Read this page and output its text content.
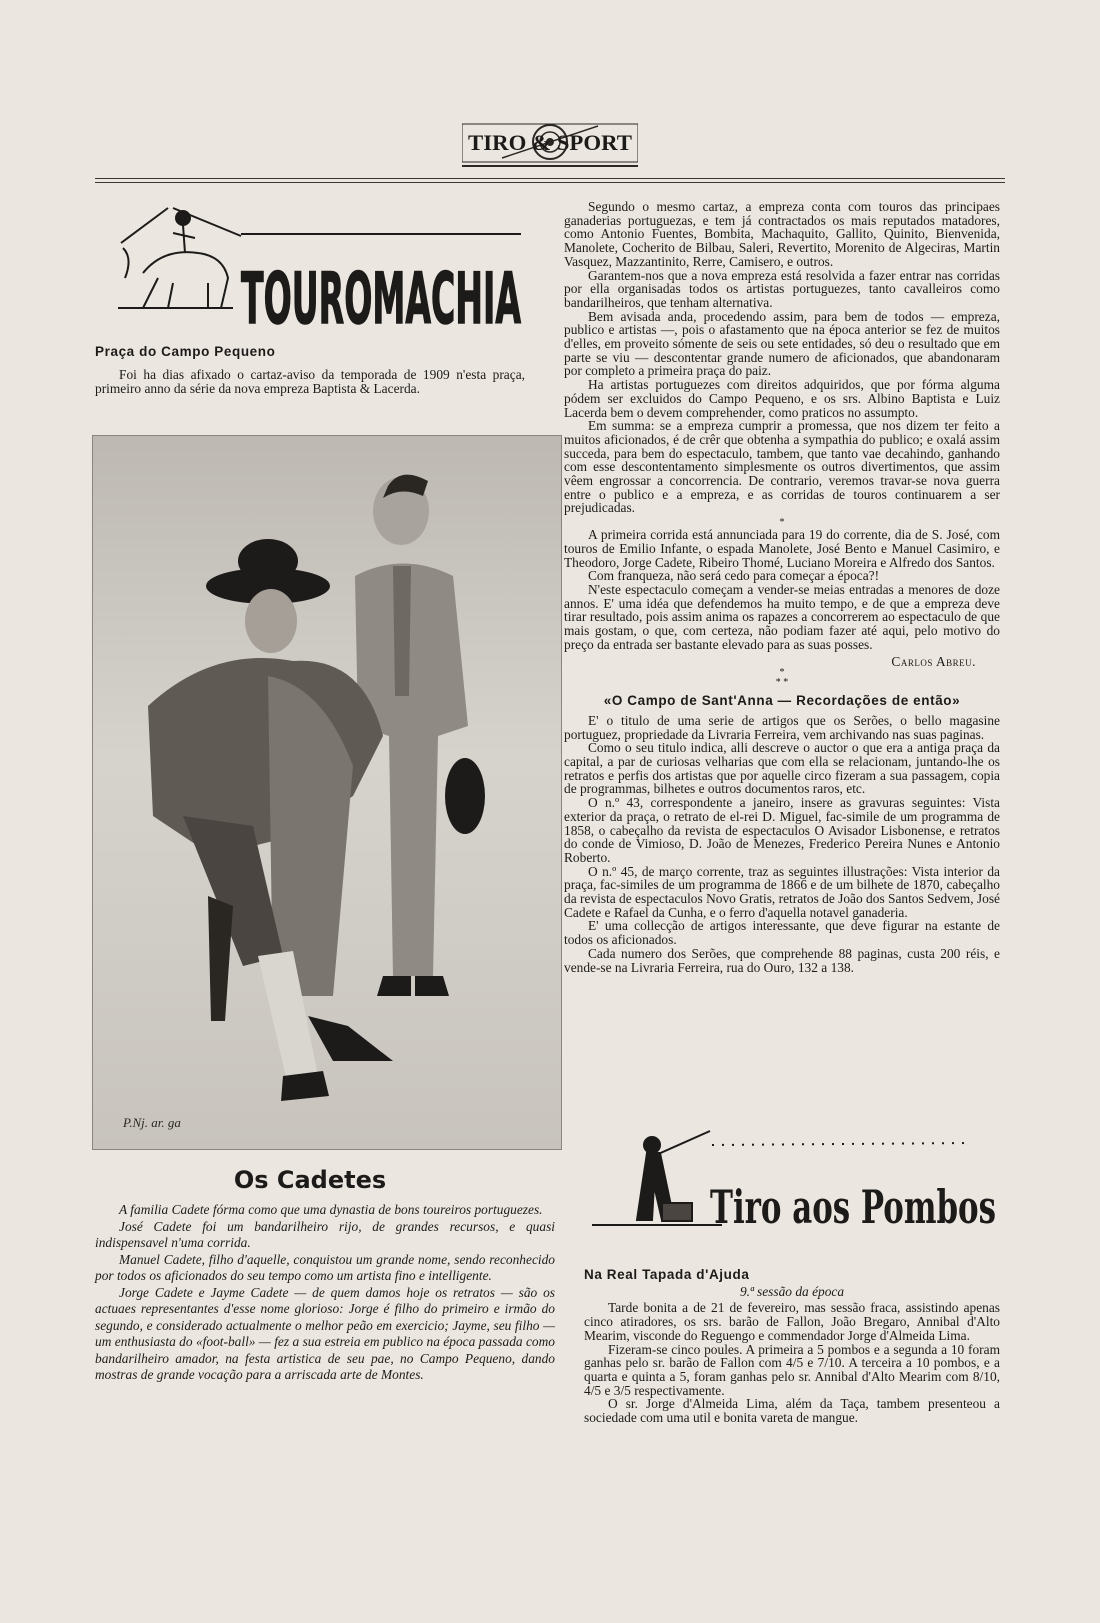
TIRO & SPORT
TOUROMACHIA
Praça do Campo Pequeno

Foi ha dias afixado o cartaz-aviso da temporada de 1909 n'esta praça, primeiro anno da série da nova empreza Baptista & Lacerda.

P.Nj. ar. ga
Os Cadetes

A familia Cadete fórma como que uma dynastia de bons toureiros portuguezes.

José Cadete foi um bandarilheiro rijo, de grandes recursos, e quasi indispensavel n'uma corrida.

Manuel Cadete, filho d'aquelle, conquistou um grande nome, sendo reconhecido por todos os aficionados do seu tempo como um artista fino e intelligente.

Jorge Cadete e Jayme Cadete — de quem damos hoje os retratos — são os actuaes representantes d'esse nome glorioso: Jorge é filho do primeiro e irmão do segundo, e considerado actualmente o melhor peão em exercicio; Jayme, seu filho — um enthusiasta do «foot-ball» — fez a sua estreia em publico na época passada como bandarilheiro amador, na festa artistica de seu pae, no Campo Pequeno, dando mostras de grande vocação para a arriscada arte de Montes.

Segundo o mesmo cartaz, a empreza conta com touros das principaes ganaderias portuguezas, e tem já contractados os mais reputados matadores, como Antonio Fuentes, Bombita, Machaquito, Gallito, Quinito, Bienvenida, Manolete, Cocherito de Bilbau, Saleri, Revertito, Morenito de Algeciras, Martin Vasquez, Mazzantinito, Rerre, Camisero, e outros.

Garantem-nos que a nova empreza está resolvida a fazer entrar nas corridas por ella organisadas todos os artistas portuguezes, tanto cavalleiros como bandarilheiros, que tenham alternativa.

Bem avisada anda, procedendo assim, para bem de todos — empreza, publico e artistas —, pois o afastamento que na época anterior se fez de muitos d'elles, em proveito sómente de seis ou sete entidades, só deu o resultado que em parte se viu — descontentar grande numero de aficionados, que abandonaram por completo a primeira praça do paiz.

Ha artistas portuguezes com direitos adquiridos, que por fórma alguma pódem ser excluidos do Campo Pequeno, e os srs. Albino Baptista e Luiz Lacerda bem o devem comprehender, como praticos no assumpto.

Em summa: se a empreza cumprir a promessa, que nos dizem ter feito a muitos aficionados, é de crêr que obtenha a sympathia do publico; e oxalá assim succeda, para bem do espectaculo, tambem, que tanto vae decahindo, ganhando com esse descontentamento simplesmente os outros divertimentos, que assim vêem engrossar a concorrencia. De contrario, veremos travar-se nova guerra entre o publico e a empreza, e as corridas de touros continuarem a ser prejudicadas.

*

A primeira corrida está annunciada para 19 do corrente, dia de S. José, com touros de Emilio Infante, o espada Manolete, José Bento e Manuel Casimiro, e Theodoro, Jorge Cadete, Ribeiro Thomé, Luciano Moreira e Alfredo dos Santos.

Com franqueza, não será cedo para começar a época?!

N'este espectaculo começam a vender-se meias entradas a menores de doze annos. E' uma idéa que defendemos ha muito tempo, e de que a empreza deve tirar resultado, pois assim anima os rapazes a concorrerem ao espectaculo de que mais gostam, o que, com certeza, não podiam fazer até aqui, pelo motivo do preço da entrada ser bastante elevado para as suas posses.

Carlos Abreu.
*
* *
«O Campo de Sant'Anna — Recordações de então»

E' o titulo de uma serie de artigos que os Serões, o bello magasine portuguez, propriedade da Livraria Ferreira, vem archivando nas suas paginas.

Como o seu titulo indica, alli descreve o auctor o que era a antiga praça da capital, a par de curiosas velharias que com ella se relacionam, juntando-lhe os retratos e perfis dos artistas que por aquelle circo fizeram a sua passagem, copia de programmas, bilhetes e outros documentos raros, etc.

O n.º 43, correspondente a janeiro, insere as gravuras seguintes: Vista exterior da praça, o retrato de el-rei D. Miguel, fac-simile de um programma de 1858, o cabeçalho da revista de espectaculos O Avisador Lisbonense, e retratos do conde de Vimioso, D. João de Menezes, Frederico Pereira Nunes e Antonio Roberto.

O n.º 45, de março corrente, traz as seguintes illustrações: Vista interior da praça, fac-similes de um programma de 1866 e de um bilhete de 1870, cabeçalho da revista de espectaculos Novo Gratis, retratos de João dos Santos Sedvem, José Cadete e Rafael da Cunha, e o ferro d'aquella notavel ganaderia.

E' uma collecção de artigos interessante, que deve figurar na estante de todos os aficionados.

Cada numero dos Serões, que comprehende 88 paginas, custa 200 réis, e vende-se na Livraria Ferreira, rua do Ouro, 132 a 138.

Tiro aos Pombos
Na Real Tapada d'Ajuda
9.ª sessão da época

Tarde bonita a de 21 de fevereiro, mas sessão fraca, assistindo apenas cinco atiradores, os srs. barão de Fallon, João Bregaro, Annibal d'Alto Mearim, visconde do Reguengo e commendador Jorge d'Almeida Lima.

Fizeram-se cinco poules. A primeira a 5 pombos e a segunda a 10 foram ganhas pelo sr. barão de Fallon com 4/5 e 7/10. A terceira a 10 pombos, e a quarta e quinta a 5, foram ganhas pelo sr. Annibal d'Alto Mearim com 8/10, 4/5 e 3/5 respectivamente.

O sr. Jorge d'Almeida Lima, além da Taça, tambem presenteou a sociedade com uma util e bonita vareta de mangue.
